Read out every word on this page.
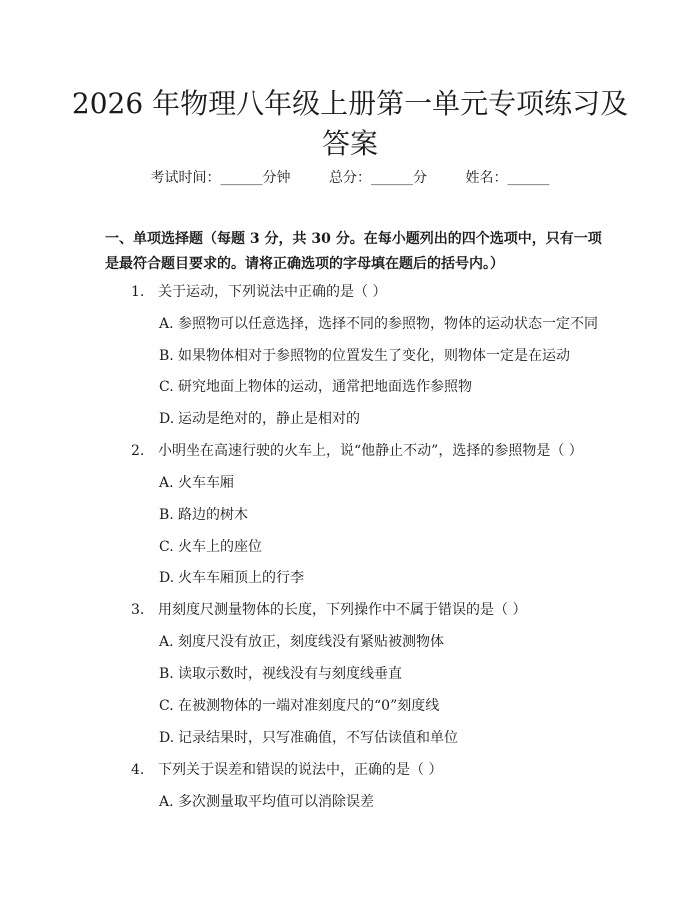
2026 年物理八年级上册第一单元专项练习及答案
考试时间：______分钟	总分：______分	姓名：______

一、单项选择题（每题 3 分，共 30 分。在每小题列出的四个选项中，只有一项是最符合题目要求的。请将正确选项的字母填在题后的括号内。）

1. 关于运动，下列说法中正确的是（ ）
A. 参照物可以任意选择，选择不同的参照物，物体的运动状态一定不同
B. 如果物体相对于参照物的位置发生了变化，则物体一定是在运动
C. 研究地面上物体的运动，通常把地面选作参照物
D. 运动是绝对的，静止是相对的
2. 小明坐在高速行驶的火车上，说“他静止不动”，选择的参照物是（ ）
A. 火车车厢
B. 路边的树木
C. 火车上的座位
D. 火车车厢顶上的行李
3. 用刻度尺测量物体的长度，下列操作中不属于错误的是（ ）
A. 刻度尺没有放正，刻度线没有紧贴被测物体
B. 读取示数时，视线没有与刻度线垂直
C. 在被测物体的一端对准刻度尺的“0”刻度线
D. 记录结果时，只写准确值，不写估读值和单位
4. 下列关于误差和错误的说法中，正确的是（ ）
A. 多次测量取平均值可以消除误差
